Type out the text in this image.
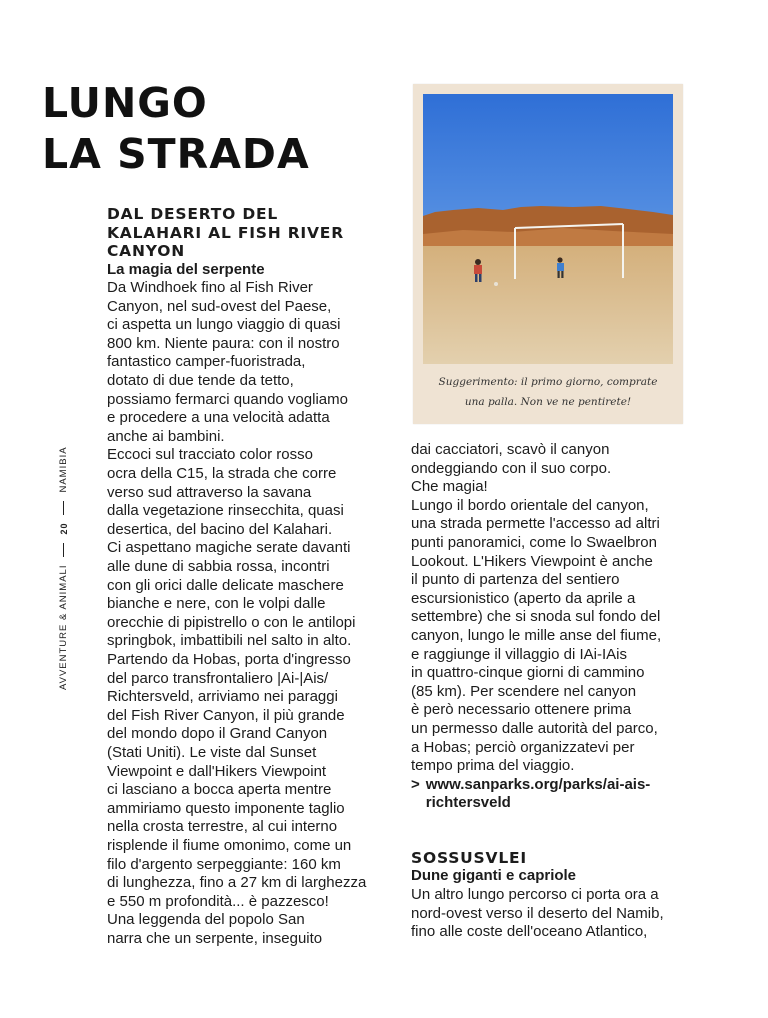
LUNGO
LA STRADA
AVVENTURE & ANIMALI
20
NAMIBIA
Suggerimento: il primo giorno, comprate
una palla. Non ve ne pentirete!
DAL DESERTO DEL
KALAHARI AL FISH RIVER
CANYON

La magia del serpente

Da Windhoek fino al Fish River

Canyon, nel sud-ovest del Paese,

ci aspetta un lungo viaggio di quasi

800 km. Niente paura: con il nostro

fantastico camper-fuoristrada,

dotato di due tende da tetto,

possiamo fermarci quando vogliamo

e procedere a una velocità adatta

anche ai bambini.

Eccoci sul tracciato color rosso

ocra della C15, la strada che corre

verso sud attraverso la savana

dalla vegetazione rinsecchita, quasi

desertica, del bacino del Kalahari.

Ci aspettano magiche serate davanti

alle dune di sabbia rossa, incontri

con gli orici dalle delicate maschere

bianche e nere, con le volpi dalle

orecchie di pipistrello o con le antilopi

springbok, imbattibili nel salto in alto.

Partendo da Hobas, porta d'ingresso

del parco transfrontaliero |Ai-|Ais/

Richtersveld, arriviamo nei paraggi

del Fish River Canyon, il più grande

del mondo dopo il Grand Canyon

(Stati Uniti). Le viste dal Sunset

Viewpoint e dall'Hikers Viewpoint

ci lasciano a bocca aperta mentre

ammiriamo questo imponente taglio

nella crosta terrestre, al cui interno

risplende il fiume omonimo, come un

filo d'argento serpeggiante: 160 km

di lunghezza, fino a 27 km di larghezza

e 550 m profondità... è pazzesco!

Una leggenda del popolo San

narra che un serpente, inseguito

dai cacciatori, scavò il canyon

ondeggiando con il suo corpo.

Che magia!

Lungo il bordo orientale del canyon,

una strada permette l'accesso ad altri

punti panoramici, come lo Swaelbron

Lookout. L'Hikers Viewpoint è anche

il punto di partenza del sentiero

escursionistico (aperto da aprile a

settembre) che si snoda sul fondo del

canyon, lungo le mille anse del fiume,

e raggiunge il villaggio di IAi-IAis

in quattro-cinque giorni di cammino

(85 km). Per scendere nel canyon

è però necessario ottenere prima

un permesso dalle autorità del parco,

a Hobas; perciò organizzatevi per

tempo prima del viaggio.

> www.sanparks.org/parks/ai-ais-
richtersveld
SOSSUSVLEI

Dune giganti e capriole

Un altro lungo percorso ci porta ora a

nord-ovest verso il deserto del Namib,

fino alle coste dell'oceano Atlantico,
